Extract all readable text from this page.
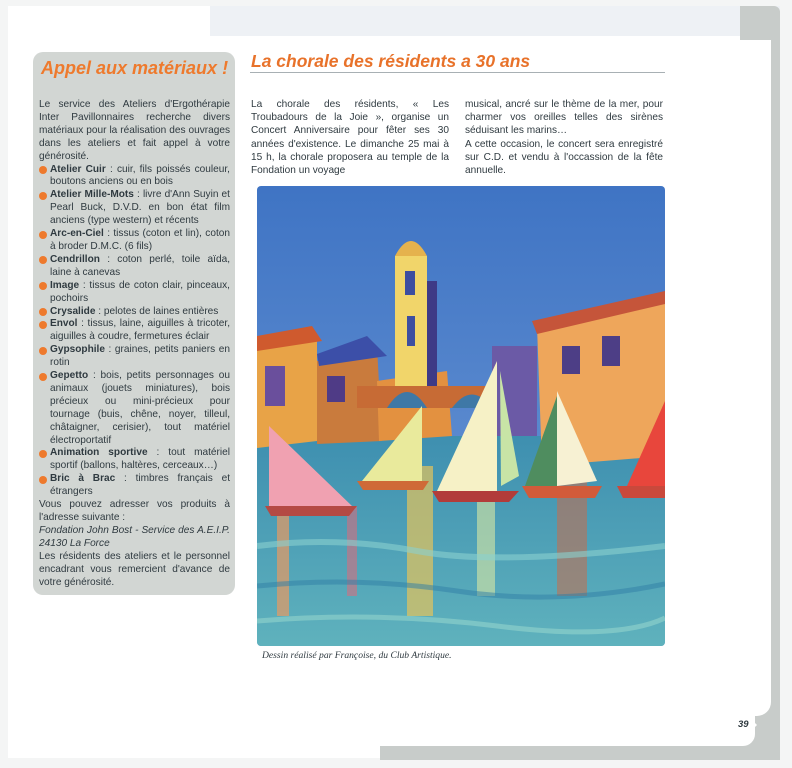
Appel aux matériaux !

Le service des Ateliers d'Ergothérapie Inter Pavillonnaires recherche divers matériaux pour la réalisation des ouvrages dans les ateliers et fait appel à votre générosité.

Atelier Cuir : cuir, fils poissés couleur, boutons anciens ou en bois
Atelier Mille-Mots : livre d'Ann Suyin et Pearl Buck, D.V.D. en bon état film anciens (type western) et récents
Arc-en-Ciel : tissus (coton et lin), coton à broder D.M.C. (6 fils)
Cendrillon : coton perlé, toile aïda, laine à canevas
Image : tissus de coton clair, pinceaux, pochoirs
Crysalide : pelotes de laines entières
Envol : tissus, laine, aiguilles à tricoter, aiguilles à coudre, fermetures éclair
Gypsophile : graines, petits paniers en rotin
Gepetto : bois, petits personnages ou animaux (jouets miniatures), bois précieux ou mini-précieux pour tournage (buis, chêne, noyer, tilleul, châtaigner, cerisier), tout matériel électroportatif
Animation sportive : tout matériel sportif (ballons, haltères, cerceaux…)
Bric à Brac : timbres français et étrangers

Vous pouvez adresser vos produits à l'adresse suivante :

Fondation John Bost - Service des A.E.I.P. 24130 La Force

Les résidents des ateliers et le personnel encadrant vous remercient d'avance de votre générosité.

La chorale des résidents a 30 ans

La chorale des résidents, « Les Troubadours de la Joie », organise un Concert Anniversaire pour fêter ses 30 années d'existence. Le dimanche 25 mai à 15 h, la chorale proposera au temple de la Fondation un voyage

musical, ancré sur le thème de la mer, pour charmer vos oreilles telles des sirènes séduisant les marins…

A cette occasion, le concert sera enregistré sur C.D. et vendu à l'occassion de la fête annuelle.

Dessin réalisé par Françoise, du Club Artistique.
39
